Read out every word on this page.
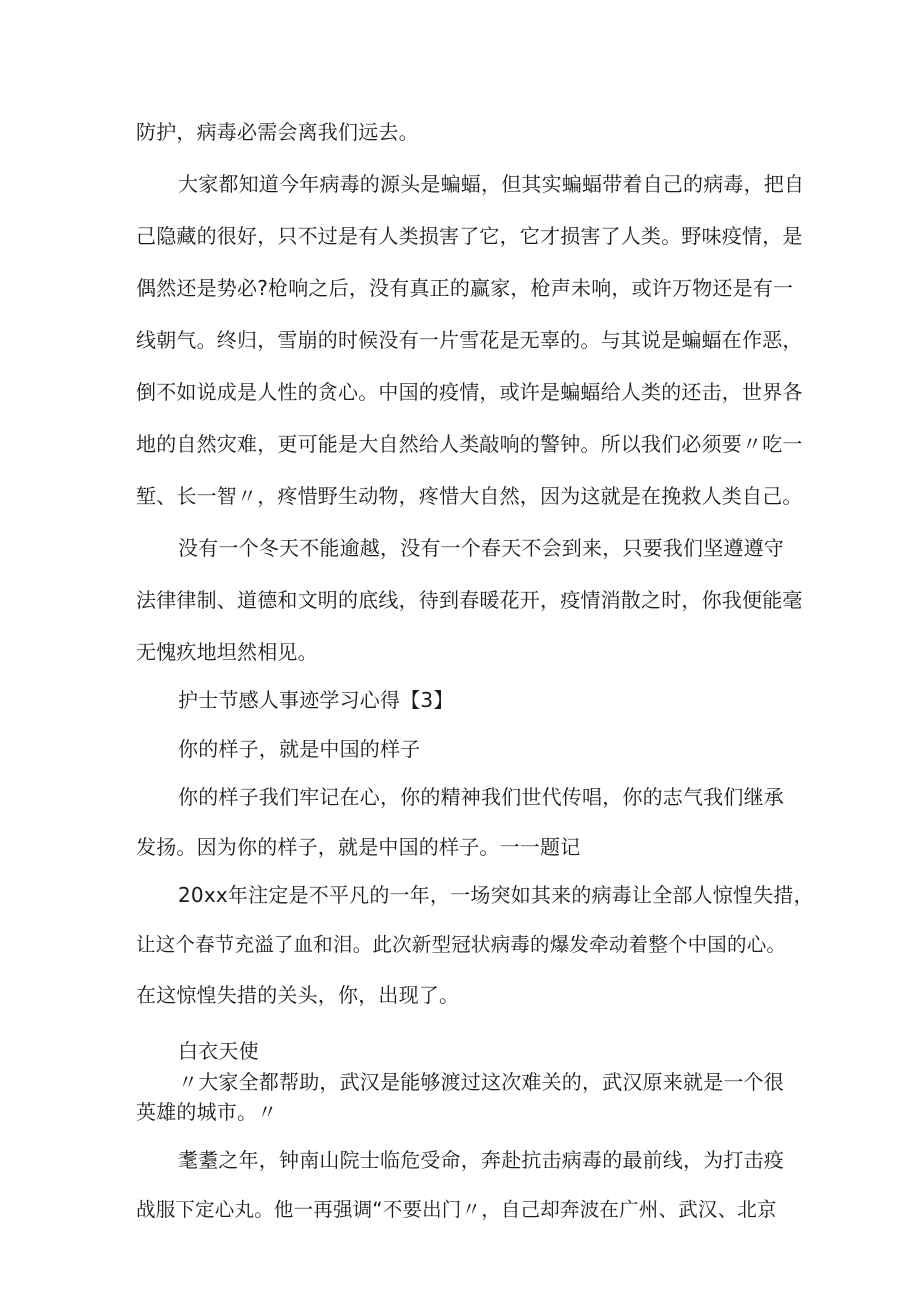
防护，病毒必需会离我们远去。
大家都知道今年病毒的源头是蝙蝠，但其实蝙蝠带着自己的病毒，把自
己隐藏的很好，只不过是有人类损害了它，它才损害了人类。野味疫情，是
偶然还是势必?枪响之后，没有真正的赢家，枪声未响，或许万物还是有一
线朝气。终归，雪崩的时候没有一片雪花是无辜的。与其说是蝙蝠在作恶，
倒不如说成是人性的贪心。中国的疫情，或许是蝙蝠给人类的还击，世界各
地的自然灾难，更可能是大自然给人类敲响的警钟。所以我们必须要〃吃一
堑、长一智〃，疼惜野生动物，疼惜大自然，因为这就是在挽救人类自己。
没有一个冬天不能逾越，没有一个春天不会到来，只要我们坚遵遵守
法律律制、道德和文明的底线，待到春暖花开，疫情消散之时，你我便能毫
无愧疚地坦然相见。
护士节感人事迹学习心得【3】
你的样子，就是中国的样子
你的样子我们牢记在心，你的精神我们世代传唱，你的志气我们继承
发扬。因为你的样子，就是中国的样子。一一题记
20xx年注定是不平凡的一年，一场突如其来的病毒让全部人惊惶失措，
让这个春节充溢了血和泪。此次新型冠状病毒的爆发牵动着整个中国的心。
在这惊惶失措的关头，你，出现了。
白衣天使
〃大家全都帮助，武汉是能够渡过这次难关的，武汉原来就是一个很
英雄的城市。〃
耄耋之年，钟南山院士临危受命，奔赴抗击病毒的最前线，为打击疫
战服下定心丸。他一再强调“不要出门〃，自己却奔波在广州、武汉、北京
